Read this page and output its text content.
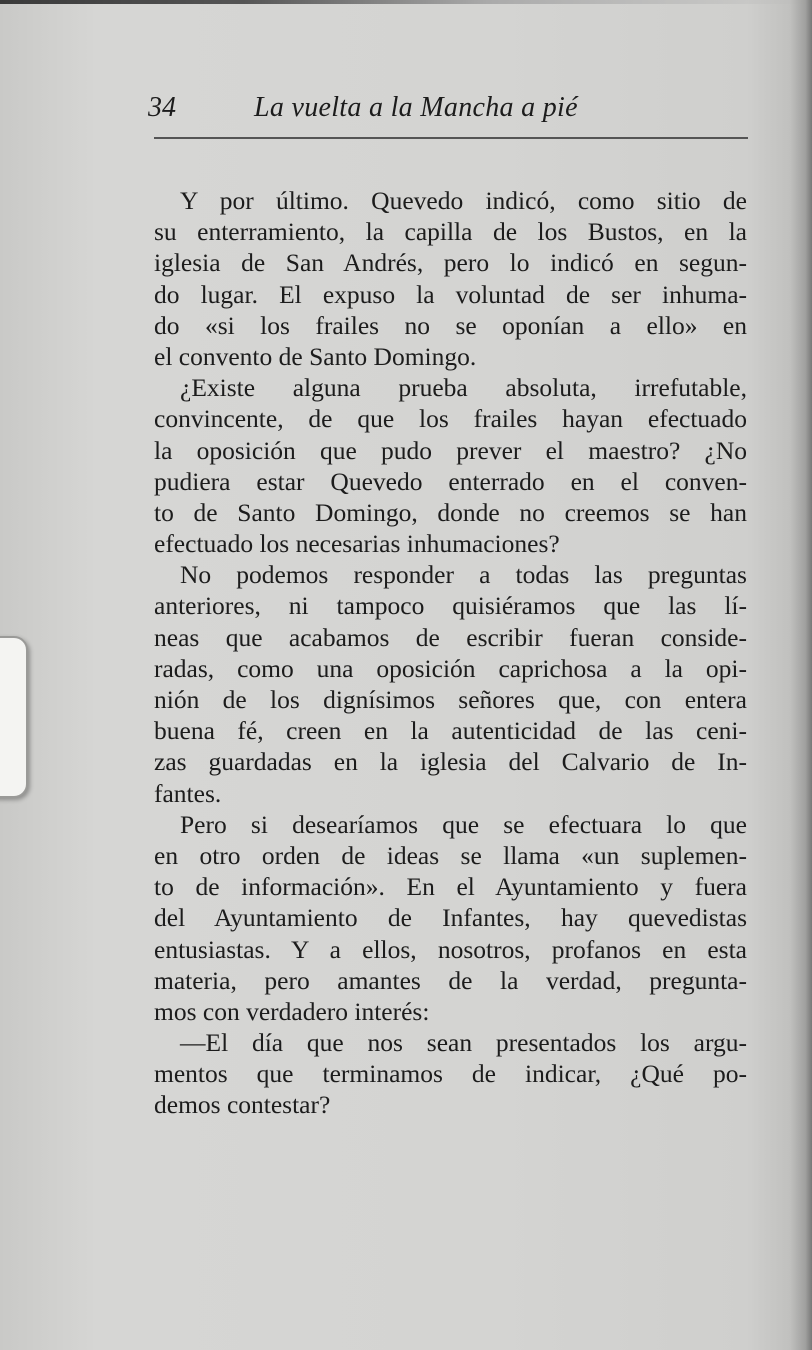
34	La vuelta a la Mancha a pié
Y por último. Quevedo indicó, como sitio de
su enterramiento, la capilla de los Bustos, en la
iglesia de San Andrés, pero lo indicó en segun-
do lugar. El expuso la voluntad de ser inhuma-
do «si los frailes no se oponían a ello» en
el convento de Santo Domingo.
¿Existe alguna prueba absoluta, irrefutable,
convincente, de que los frailes hayan efectuado
la oposición que pudo prever el maestro? ¿No
pudiera estar Quevedo enterrado en el conven-
to de Santo Domingo, donde no creemos se han
efectuado los necesarias inhumaciones?
No podemos responder a todas las preguntas
anteriores, ni tampoco quisiéramos que las lí-
neas que acabamos de escribir fueran conside-
radas, como una oposición caprichosa a la opi-
nión de los dignísimos señores que, con entera
buena fé, creen en la autenticidad de las ceni-
zas guardadas en la iglesia del Calvario de In-
fantes.
Pero si desearíamos que se efectuara lo que
en otro orden de ideas se llama «un suplemen-
to de información». En el Ayuntamiento y fuera
del Ayuntamiento de Infantes, hay quevedistas
entusiastas. Y a ellos, nosotros, profanos en esta
materia, pero amantes de la verdad, pregunta-
mos con verdadero interés:
—El día que nos sean presentados los argu-
mentos que terminamos de indicar, ¿Qué po-
demos contestar?
